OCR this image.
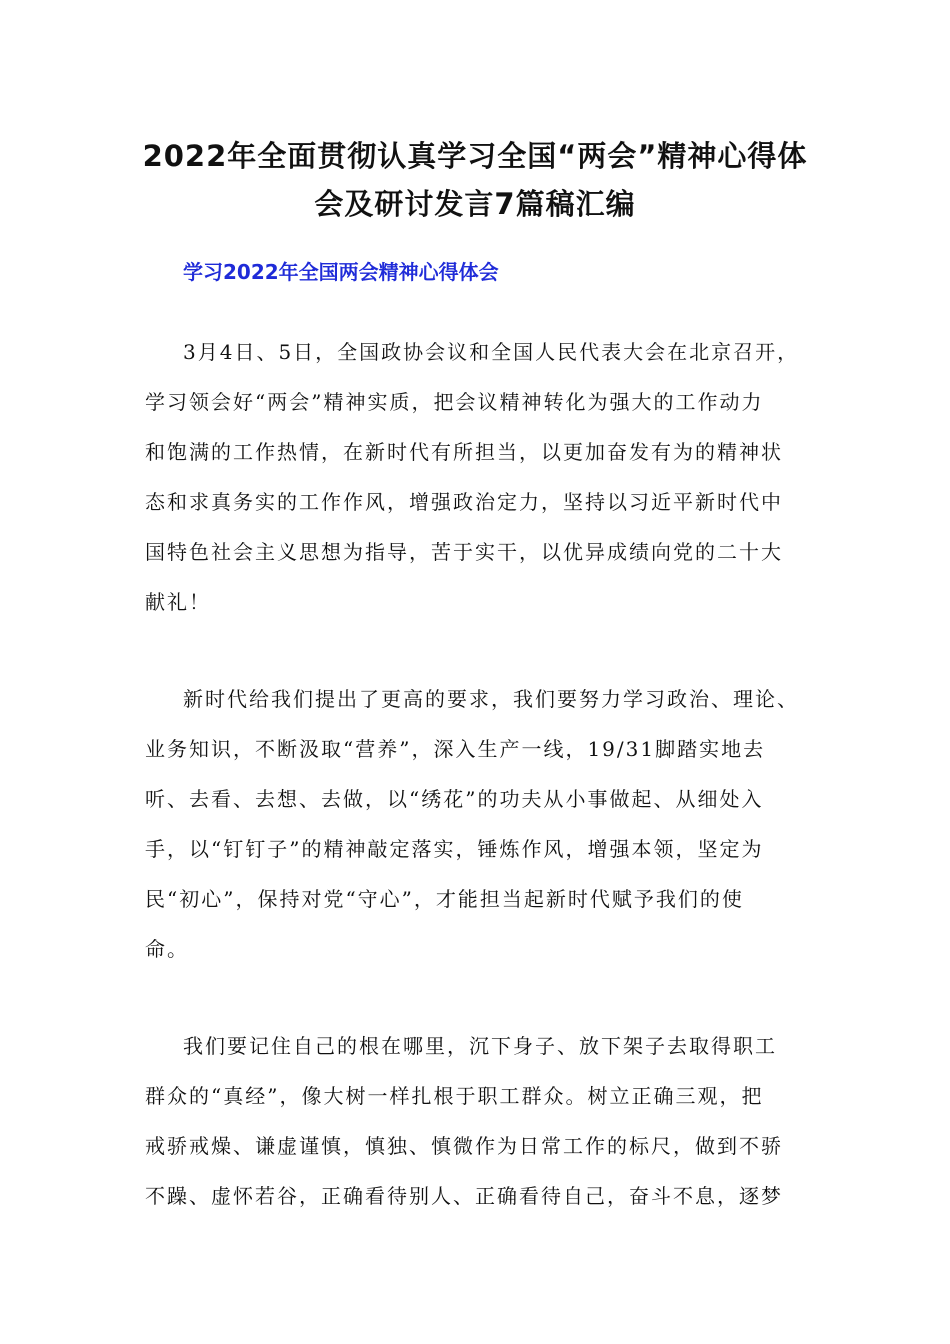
2022年全面贯彻认真学习全国“两会”精神心得体
会及研讨发言7篇稿汇编
学习2022年全国两会精神心得体会
3月4日、5日，全国政协会议和全国人民代表大会在北京召开，
学习领会好“两会”精神实质，把会议精神转化为强大的工作动力
和饱满的工作热情，在新时代有所担当，以更加奋发有为的精神状
态和求真务实的工作作风，增强政治定力，坚持以习近平新时代中
国特色社会主义思想为指导，苦于实干，以优异成绩向党的二十大
献礼！
新时代给我们提出了更高的要求，我们要努力学习政治、理论、
业务知识，不断汲取“营养”，深入生产一线，19/31脚踏实地去
听、去看、去想、去做，以“绣花”的功夫从小事做起、从细处入
手，以“钉钉子”的精神敲定落实，锤炼作风，增强本领，坚定为
民“初心”，保持对党“守心”，才能担当起新时代赋予我们的使
命。
我们要记住自己的根在哪里，沉下身子、放下架子去取得职工
群众的“真经”，像大树一样扎根于职工群众。树立正确三观，把
戒骄戒燥、谦虚谨慎，慎独、慎微作为日常工作的标尺，做到不骄
不躁、虚怀若谷，正确看待别人、正确看待自己，奋斗不息，逐梦
